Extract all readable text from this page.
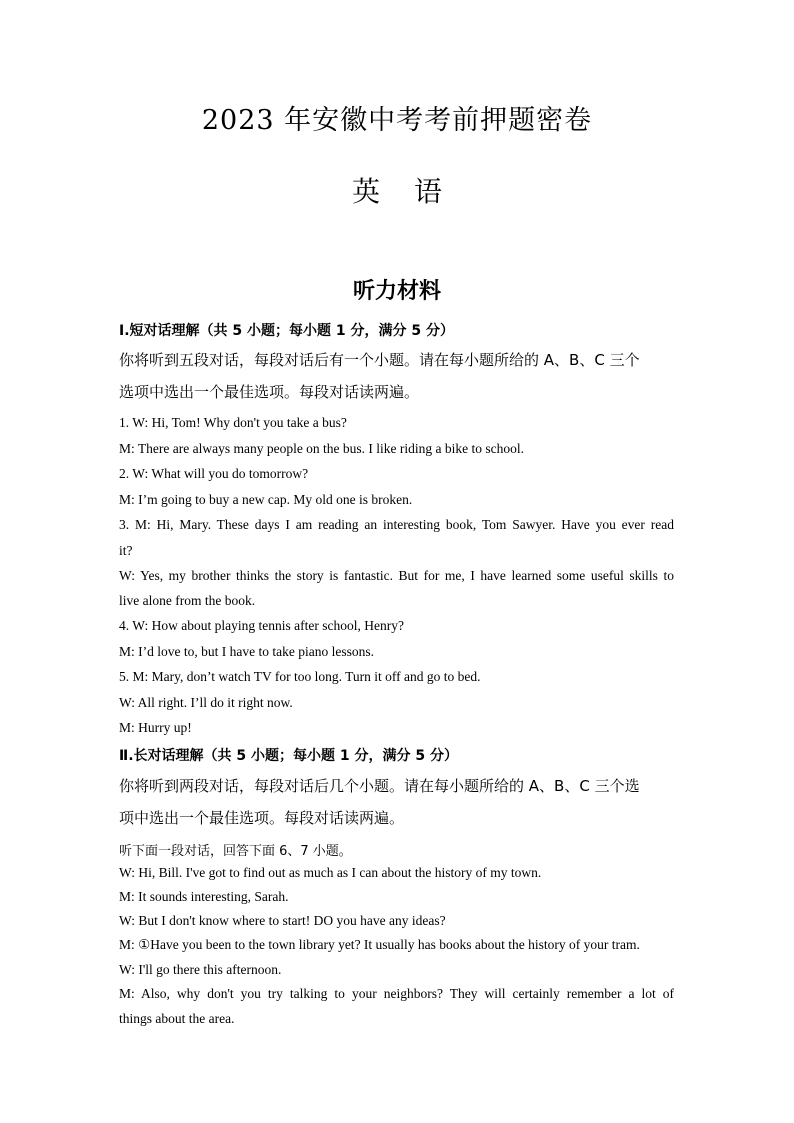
2023 年安徽中考考前押题密卷
英 语
听力材料
Ⅰ.短对话理解（共 5 小题；每小题 1 分，满分 5 分）
你将听到五段对话，每段对话后有一个小题。请在每小题所给的 A、B、C 三个
选项中选出一个最佳选项。每段对话读两遍。
1. W: Hi, Tom! Why don't you take a bus?
M: There are always many people on the bus. I like riding a bike to school.
2. W: What will you do tomorrow?
M: I’m going to buy a new cap. My old one is broken.
3. M: Hi, Mary. These days I am reading an interesting book, Tom Sawyer. Have you ever read
it?
W: Yes, my brother thinks the story is fantastic. But for me, I have learned some useful skills to
live alone from the book.
4. W: How about playing tennis after school, Henry?
M: I’d love to, but I have to take piano lessons.
5. M: Mary, don’t watch TV for too long. Turn it off and go to bed.
W: All right. I’ll do it right now.
M: Hurry up!
Ⅱ.长对话理解（共 5 小题；每小题 1 分，满分 5 分）
你将听到两段对话，每段对话后几个小题。请在每小题所给的 A、B、C 三个选
项中选出一个最佳选项。每段对话读两遍。
听下面一段对话，回答下面 6、7 小题。
W: Hi, Bill. I've got to find out as much as I can about the history of my town.
M: It sounds interesting, Sarah.
W: But I don't know where to start! DO you have any ideas?
M: ①Have you been to the town library yet? It usually has books about the history of your tram.
W: I'll go there this afternoon.
M: Also, why don't you try talking to your neighbors? They will certainly remember a lot of
things about the area.
